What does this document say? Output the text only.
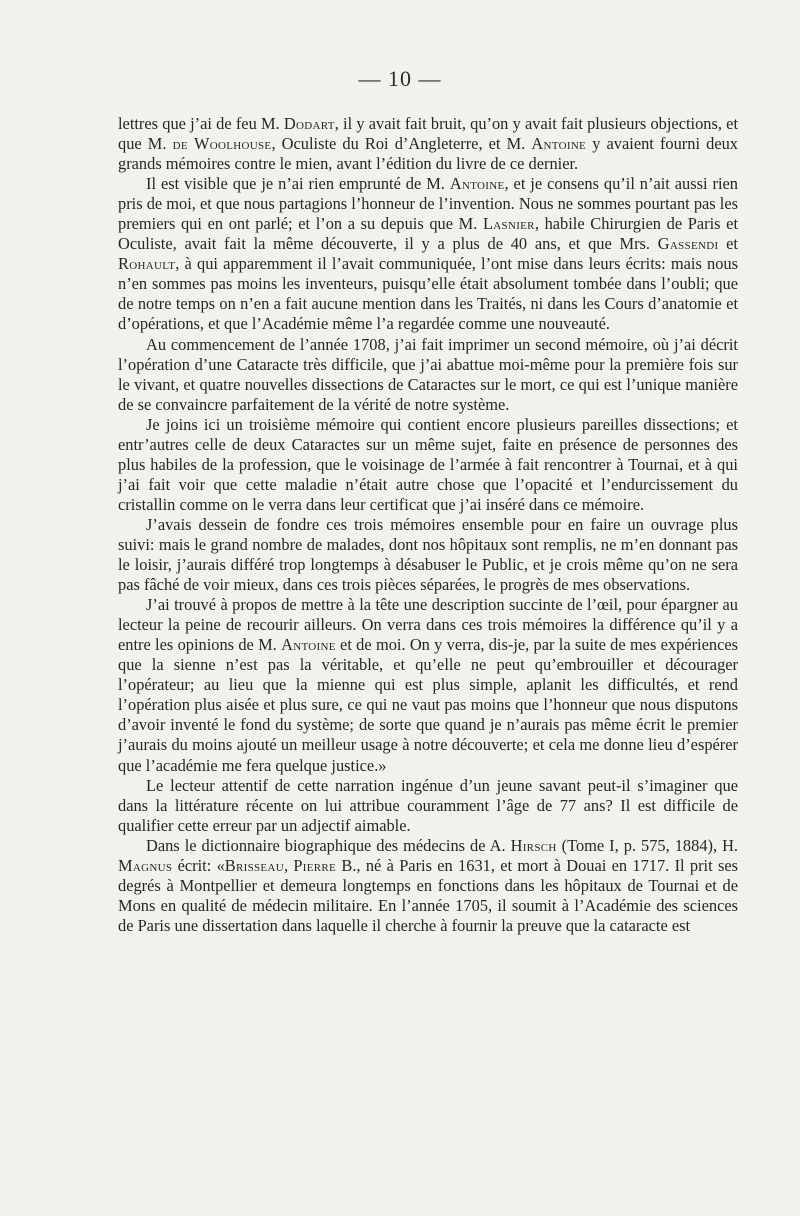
— 10 —

lettres que j’ai de feu M. Dodart, il y avait fait bruit, qu’on y avait fait plusieurs objections, et que M. de Woolhouse, Oculiste du Roi d’Angleterre, et M. Antoine y avaient fourni deux grands mémoires contre le mien, avant l’édition du livre de ce dernier.

Il est visible que je n’ai rien emprunté de M. Antoine, et je consens qu’il n’ait aussi rien pris de moi, et que nous partagions l’honneur de l’invention. Nous ne sommes pourtant pas les premiers qui en ont parlé; et l’on a su depuis que M. Lasnier, habile Chirurgien de Paris et Oculiste, avait fait la même découverte, il y a plus de 40 ans, et que Mrs. Gassendi et Rohault, à qui apparemment il l’avait communiquée, l’ont mise dans leurs écrits: mais nous n’en sommes pas moins les inventeurs, puisqu’elle était absolument tombée dans l’oubli; que de notre temps on n’en a fait aucune mention dans les Traités, ni dans les Cours d’anatomie et d’opérations, et que l’Académie même l’a regardée comme une nouveauté.

Au commencement de l’année 1708, j’ai fait imprimer un second mémoire, où j’ai décrit l’opération d’une Cataracte très difficile, que j’ai abattue moi-même pour la première fois sur le vivant, et quatre nouvelles dissections de Cataractes sur le mort, ce qui est l’unique manière de se convaincre parfaitement de la vérité de notre système.

Je joins ici un troisième mémoire qui contient encore plusieurs pareilles dissections; et entr’autres celle de deux Cataractes sur un même sujet, faite en présence de personnes des plus habiles de la profession, que le voisinage de l’armée à fait rencontrer à Tournai, et à qui j’ai fait voir que cette maladie n’était autre chose que l’opacité et l’endurcissement du cristallin comme on le verra dans leur certificat que j’ai inséré dans ce mémoire.

J’avais dessein de fondre ces trois mémoires ensemble pour en faire un ouvrage plus suivi: mais le grand nombre de malades, dont nos hôpitaux sont remplis, ne m’en donnant pas le loisir, j’aurais différé trop longtemps à désabuser le Public, et je crois même qu’on ne sera pas fâché de voir mieux, dans ces trois pièces séparées, le progrès de mes observations.

J’ai trouvé à propos de mettre à la tête une description succinte de l’œil, pour épargner au lecteur la peine de recourir ailleurs. On verra dans ces trois mémoires la différence qu’il y a entre les opinions de M. Antoine et de moi. On y verra, dis-je, par la suite de mes expériences que la sienne n’est pas la véritable, et qu’elle ne peut qu’embrouiller et décourager l’opérateur; au lieu que la mienne qui est plus simple, aplanit les difficultés, et rend l’opération plus aisée et plus sure, ce qui ne vaut pas moins que l’honneur que nous disputons d’avoir inventé le fond du système; de sorte que quand je n’aurais pas même écrit le premier j’aurais du moins ajouté un meilleur usage à notre découverte; et cela me donne lieu d’espérer que l’académie me fera quelque justice.»

Le lecteur attentif de cette narration ingénue d’un jeune savant peut-il s’imaginer que dans la littérature récente on lui attribue couramment l’âge de 77 ans? Il est difficile de qualifier cette erreur par un adjectif aimable.

Dans le dictionnaire biographique des médecins de A. Hirsch (Tome I, p. 575, 1884), H. Magnus écrit: «Brisseau, Pierre B., né à Paris en 1631, et mort à Douai en 1717. Il prit ses degrés à Montpellier et demeura longtemps en fonctions dans les hôpitaux de Tournai et de Mons en qualité de médecin militaire. En l’année 1705, il soumit à l’Académie des sciences de Paris une dissertation dans laquelle il cherche à fournir la preuve que la cataracte est
